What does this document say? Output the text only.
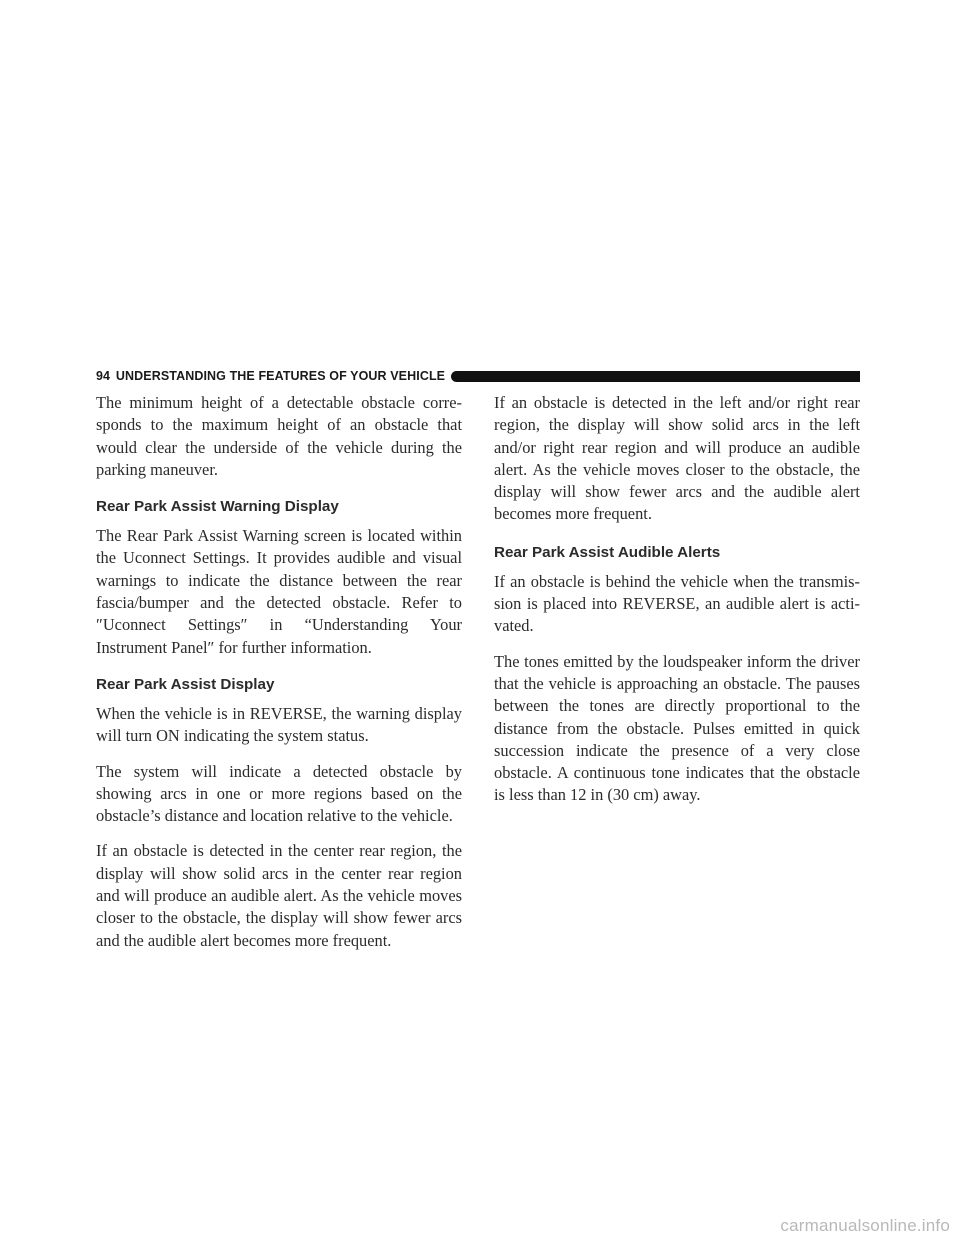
94 UNDERSTANDING THE FEATURES OF YOUR VEHICLE

The minimum height of a detectable obstacle corre-sponds to the maximum height of an obstacle that would clear the underside of the vehicle during the parking maneuver.

Rear Park Assist Warning Display

The Rear Park Assist Warning screen is located within the Uconnect Settings. It provides audible and visual warnings to indicate the distance between the rear fascia/bumper and the detected obstacle. Refer to ″Uconnect Settings″ in “Understanding Your Instrument Panel″ for further information.

Rear Park Assist Display

When the vehicle is in REVERSE, the warning display will turn ON indicating the system status.

The system will indicate a detected obstacle by showing arcs in one or more regions based on the obstacle’s distance and location relative to the vehicle.

If an obstacle is detected in the center rear region, the display will show solid arcs in the center rear region and will produce an audible alert. As the vehicle moves closer to the obstacle, the display will show fewer arcs and the audible alert becomes more frequent.

If an obstacle is detected in the left and/or right rear region, the display will show solid arcs in the left and/or right rear region and will produce an audible alert. As the vehicle moves closer to the obstacle, the display will show fewer arcs and the audible alert becomes more frequent.

Rear Park Assist Audible Alerts

If an obstacle is behind the vehicle when the transmis-sion is placed into REVERSE, an audible alert is acti-vated.

The tones emitted by the loudspeaker inform the driver that the vehicle is approaching an obstacle. The pauses between the tones are directly proportional to the distance from the obstacle. Pulses emitted in quick succession indicate the presence of a very close obstacle. A continuous tone indicates that the obstacle is less than 12 in (30 cm) away.

carmanualsonline.info
